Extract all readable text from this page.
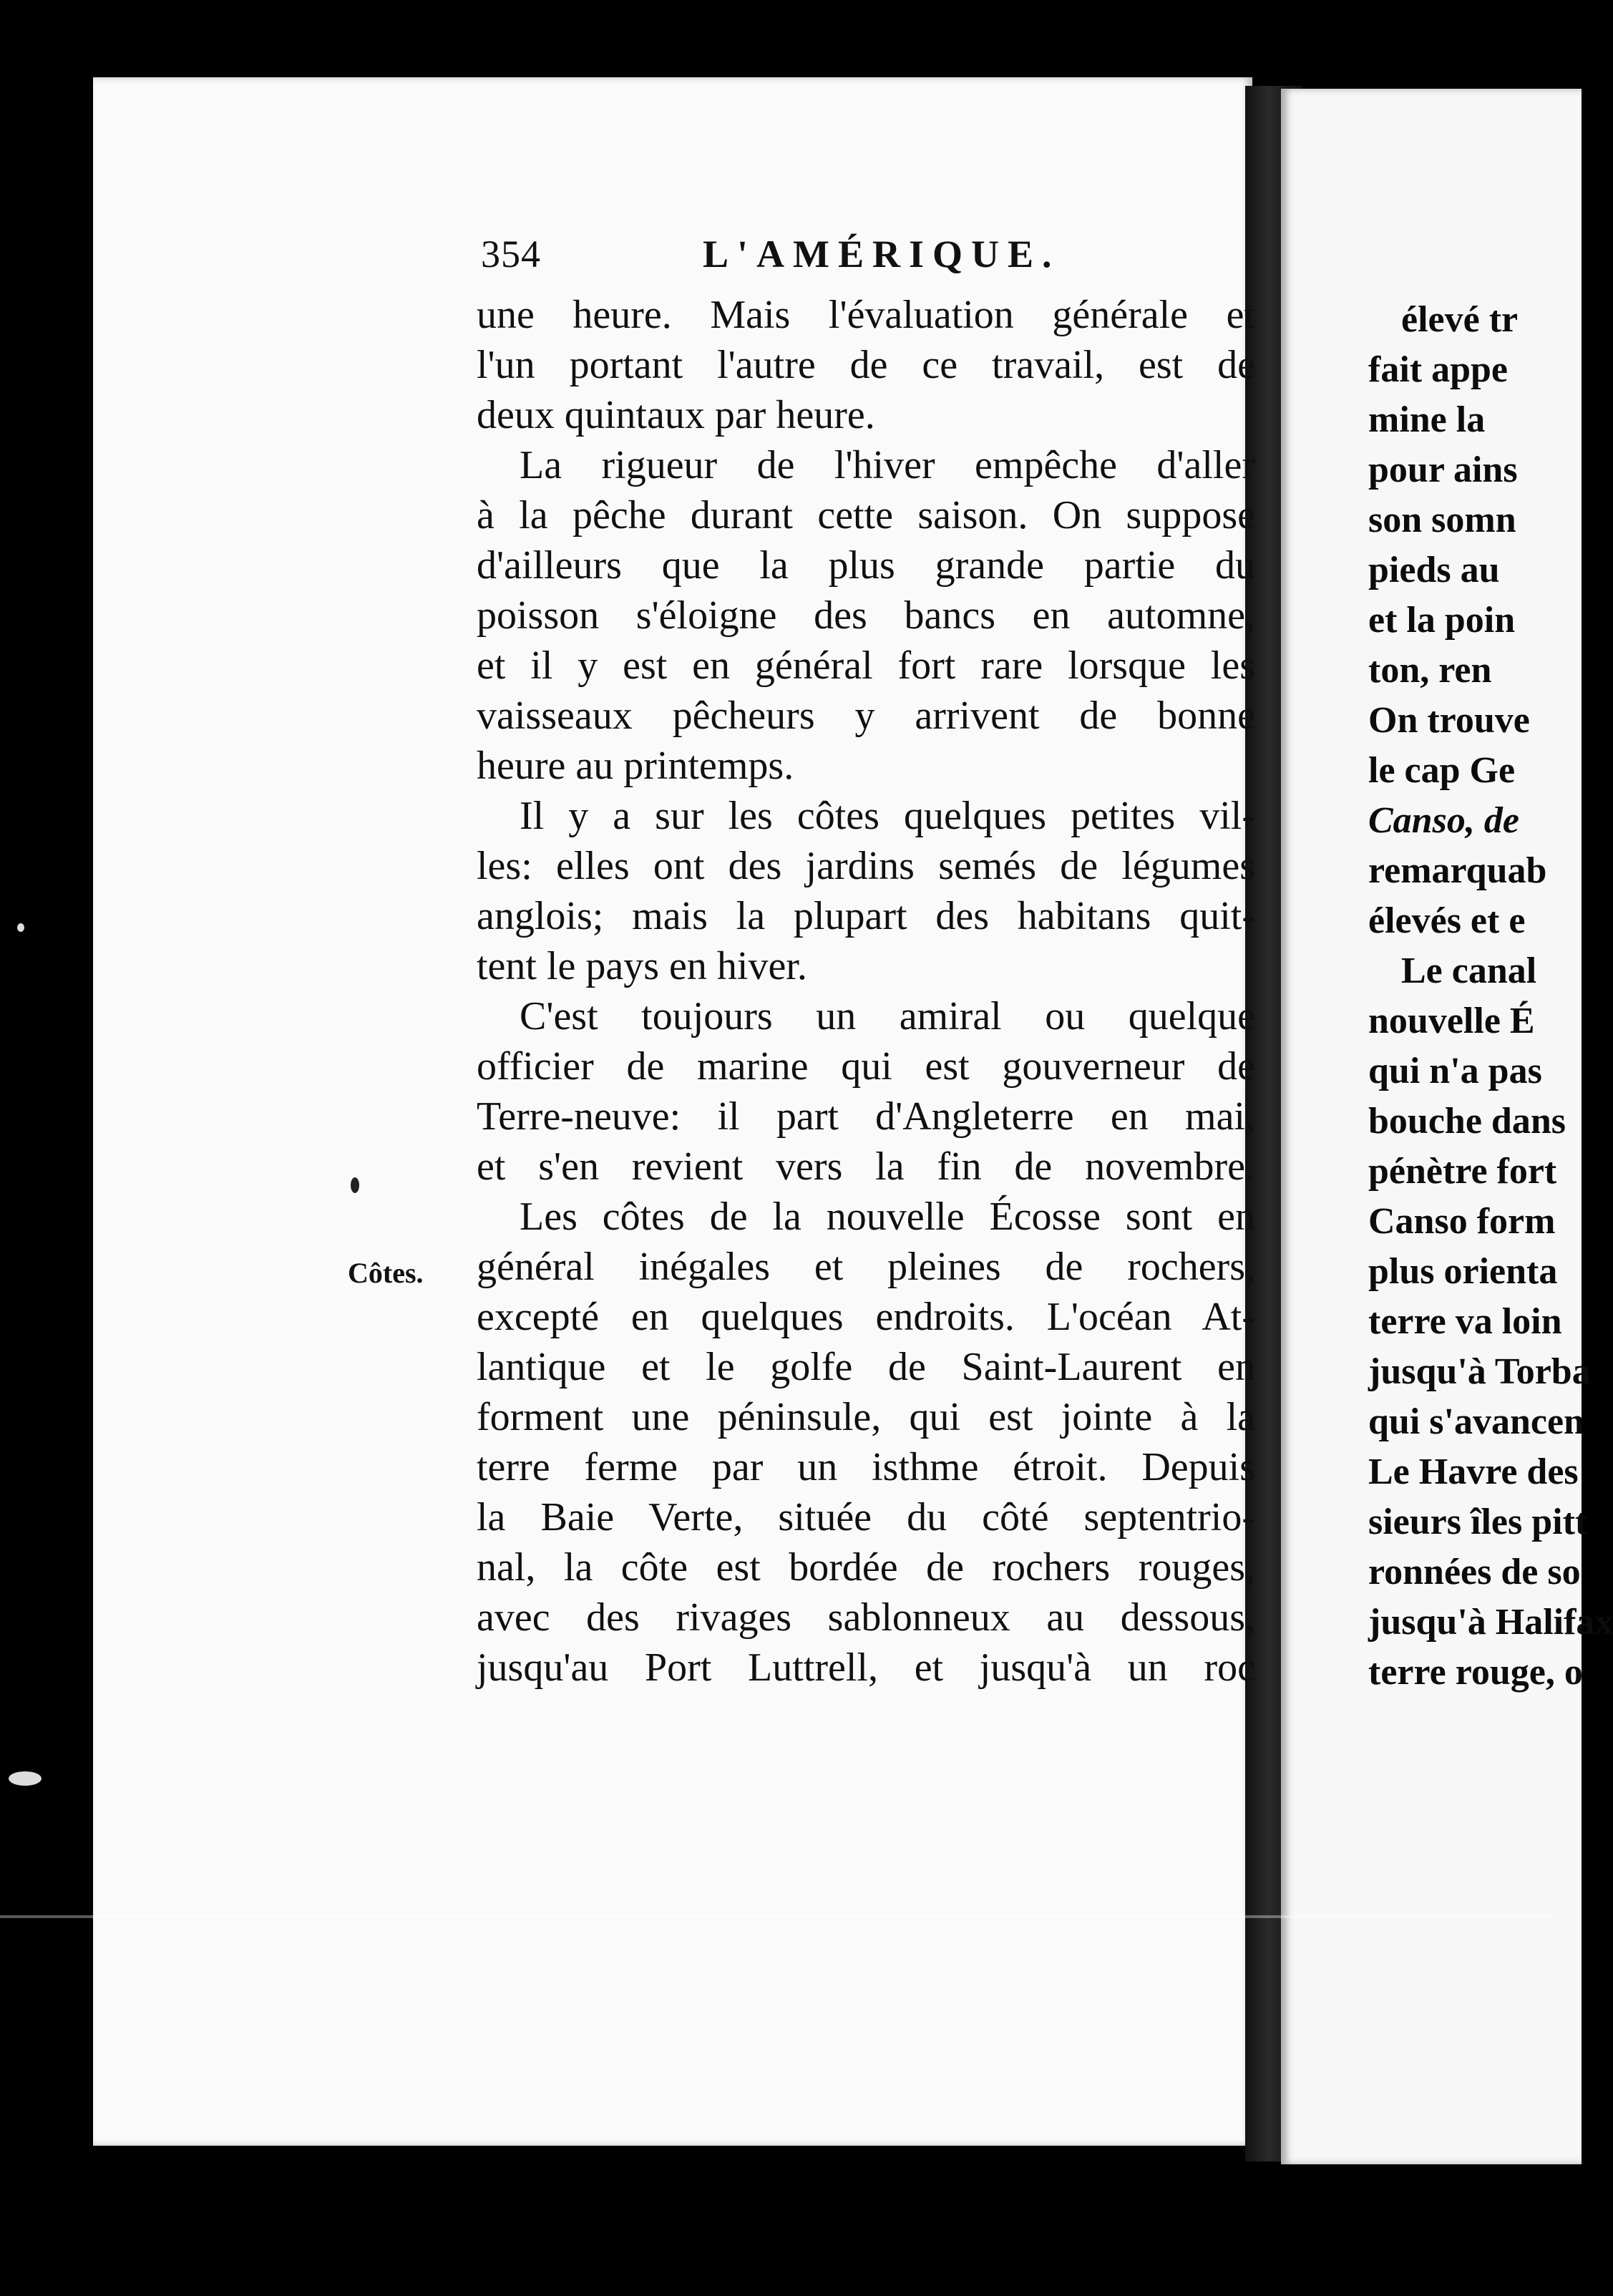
354	L'AMÉRIQUE.
Côtes.
une heure. Mais l'évaluation générale et
l'un portant l'autre de ce travail, est de
deux quintaux par heure.
La rigueur de l'hiver empêche d'aller
à la pêche durant cette saison. On suppose
d'ailleurs que la plus grande partie du
poisson s'éloigne des bancs en automne,
et il y est en général fort rare lorsque les
vaisseaux pêcheurs y arrivent de bonne
heure au printemps.
Il y a sur les côtes quelques petites vil-
les: elles ont des jardins semés de légumes
anglois; mais la plupart des habitans quit-
tent le pays en hiver.
C'est toujours un amiral ou quelque
officier de marine qui est gouverneur de
Terre-neuve: il part d'Angleterre en mai,
et s'en revient vers la fin de novembre.
Les côtes de la nouvelle Écosse sont en
général inégales et pleines de rochers,
excepté en quelques endroits. L'océan At-
lantique et le golfe de Saint-Laurent en
forment une péninsule, qui est jointe à la
terre ferme par un isthme étroit. Depuis
la Baie Verte, située du côté septentrio-
nal, la côte est bordée de rochers rouges,
avec des rivages sablonneux au dessous,
jusqu'au Port Luttrell, et jusqu'à un roc
élevé tr
fait appe
mine la
pour ains
son somn
pieds au
et la poin
ton, ren
On trouve
le cap Ge
Canso, de
remarquab
élevés et e
Le canal
nouvelle É
qui n'a pas
bouche dans
pénètre fort
Canso form
plus orienta
terre va loin
jusqu'à Torba
qui s'avancen
Le Havre des
sieurs îles pitt
ronnées de so
jusqu'à Halifax
terre rouge, o
